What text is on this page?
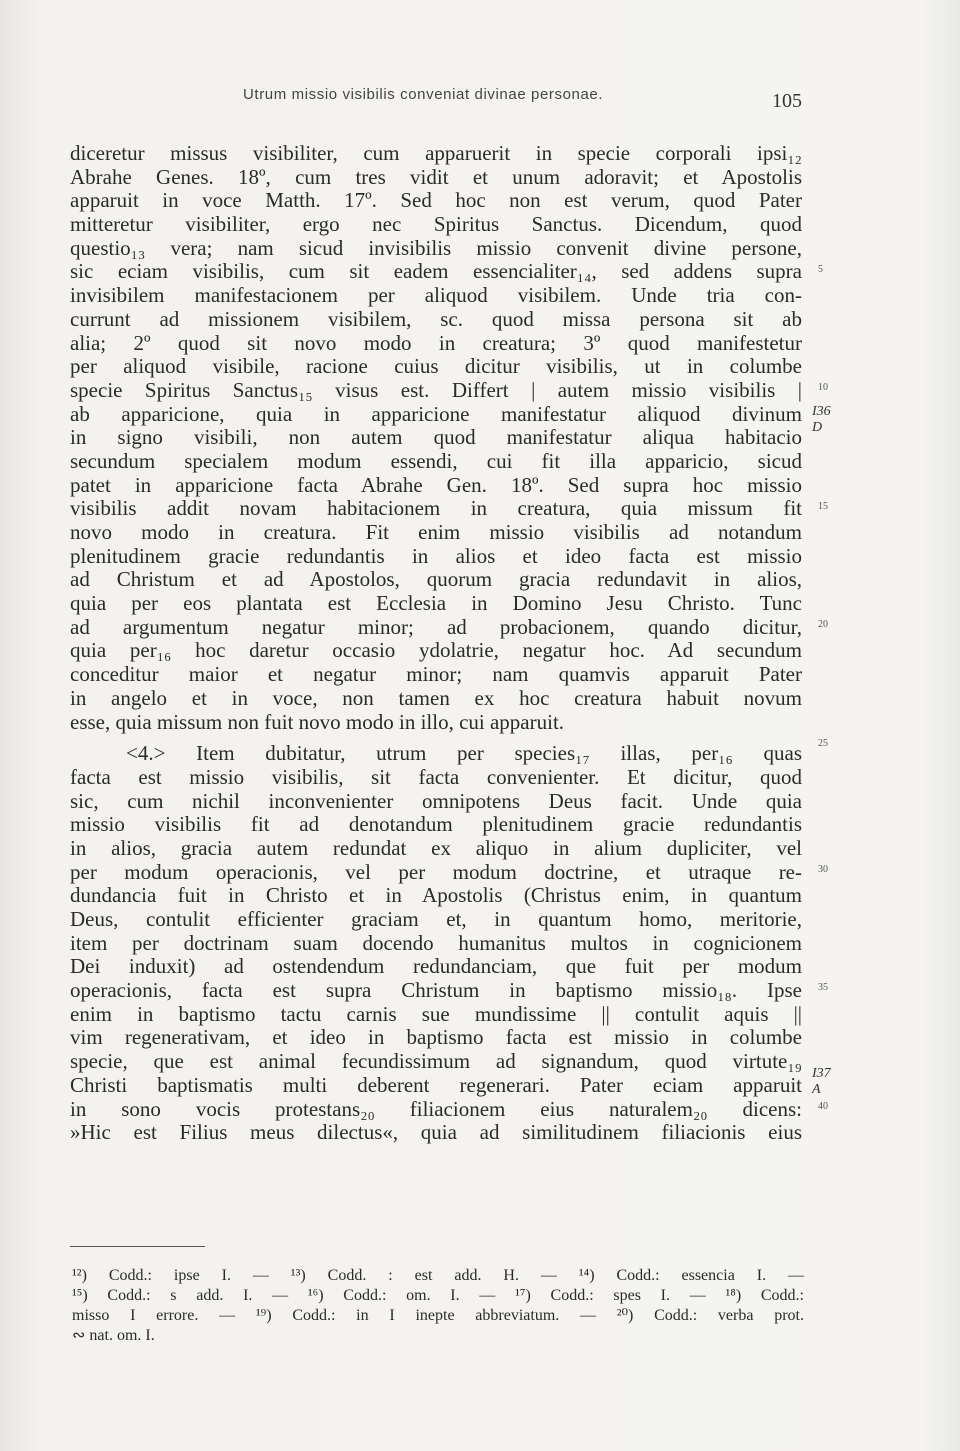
Utrum missio visibilis conveniat divinae personae.	105
diceretur missus visibiliter, cum apparuerit in specie corporali ipsi₁₂
Abrahe Genes. 18º, cum tres vidit et unum adoravit; et Apostolis
apparuit in voce Matth. 17º. Sed hoc non est verum, quod Pater
mitteretur visibiliter, ergo nec Spiritus Sanctus. Dicendum, quod
questio₁₃ vera; nam sicud invisibilis missio convenit divine persone,
sic eciam visibilis, cum sit eadem essencialiter₁₄, sed addens supra
invisibilem manifestacionem per aliquod visibilem. Unde tria con-
currunt ad missionem visibilem, sc. quod missa persona sit ab
alia; 2º quod sit novo modo in creatura; 3º quod manifestetur
per aliquod visibile, racione cuius dicitur visibilis, ut in columbe
specie Spiritus Sanctus₁₅ visus est. Differt | autem missio visibilis |
ab apparicione, quia in apparicione manifestatur aliquod divinum
in signo visibili, non autem quod manifestatur aliqua habitacio
secundum specialem modum essendi, cui fit illa apparicio, sicud
patet in apparicione facta Abrahe Gen. 18º. Sed supra hoc missio
visibilis addit novam habitacionem in creatura, quia missum fit
novo modo in creatura. Fit enim missio visibilis ad notandum
plenitudinem gracie redundantis in alios et ideo facta est missio
ad Christum et ad Apostolos, quorum gracia redundavit in alios,
quia per eos plantata est Ecclesia in Domino Jesu Christo. Tunc
ad argumentum negatur minor; ad probacionem, quando dicitur,
quia per₁₆ hoc daretur occasio ydolatrie, negatur hoc. Ad secundum
conceditur maior et negatur minor; nam quamvis apparuit Pater
in angelo et in voce, non tamen ex hoc creatura habuit novum
esse, quia missum non fuit novo modo in illo, cui apparuit.
<4.> Item dubitatur, utrum per species₁₇ illas, per₁₆ quas
facta est missio visibilis, sit facta convenienter. Et dicitur, quod
sic, cum nichil inconvenienter omnipotens Deus facit. Unde quia
missio visibilis fit ad denotandum plenitudinem gracie redundantis
in alios, gracia autem redundat ex aliquo in alium dupliciter, vel
per modum operacionis, vel per modum doctrine, et utraque re-
dundancia fuit in Christo et in Apostolis (Christus enim, in quantum
Deus, contulit efficienter graciam et, in quantum homo, meritorie,
item per doctrinam suam docendo humanitus multos in cognicionem
Dei induxit) ad ostendendum redundanciam, que fuit per modum
operacionis, facta est supra Christum in baptismo missio₁₈. Ipse
enim in baptismo tactu carnis sue mundissime || contulit aquis ||
vim regenerativam, et ideo in baptismo facta est missio in columbe
specie, que est animal fecundissimum ad signandum, quod virtute₁₉
Christi baptismatis multi deberent regenerari. Pater eciam apparuit
in sono vocis protestans₂₀ filiacionem eius naturalem₂₀ dicens:
»Hic est Filius meus dilectus«, quia ad similitudinem filiacionis eius
5
10
15
20
25
30
35
40
I36 D
I37 A
¹²) Codd.: ipse I. — ¹³) Codd. : est add. H. — ¹⁴) Codd.: essencia I. —
¹⁵) Codd.: s add. I. — ¹⁶) Codd.: om. I. — ¹⁷) Codd.: spes I. — ¹⁸) Codd.:
misso I errore. — ¹⁹) Codd.: in I inepte abbreviatum. — ²⁰) Codd.: verba prot.
∾ nat. om. I.
